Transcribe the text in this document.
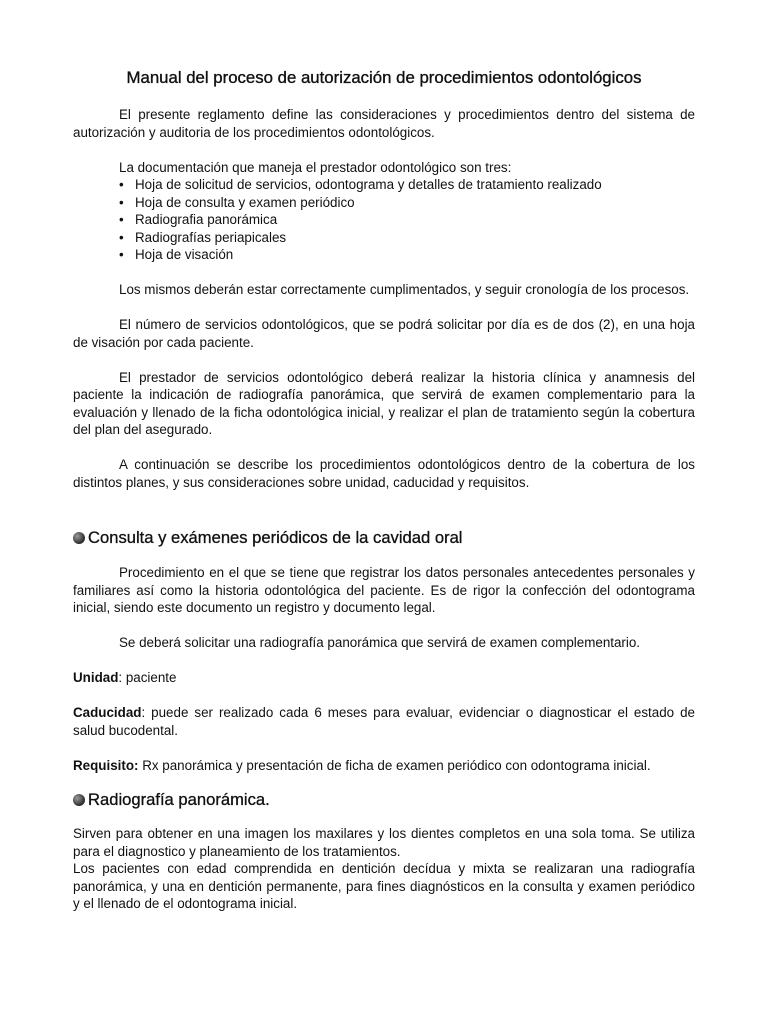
Manual del proceso de autorización de procedimientos odontológicos

El presente reglamento define las consideraciones y procedimientos dentro del sistema de autorización y auditoria de los procedimientos odontológicos.

La documentación que maneja el prestador odontológico son tres:

• Hoja de solicitud de servicios, odontograma y detalles de tratamiento realizado
• Hoja de consulta y examen periódico
• Radiografia panorámica
• Radiografías periapicales
• Hoja de visación

Los mismos deberán estar correctamente cumplimentados, y seguir cronología de los procesos.

El número de servicios odontológicos, que se podrá solicitar por día es de dos (2), en una hoja de visación por cada paciente.

El prestador de servicios odontológico deberá realizar la historia clínica y anamnesis del paciente la indicación de radiografía panorámica, que servirá de examen complementario para la evaluación y llenado de la ficha odontológica inicial, y realizar el plan de tratamiento según la cobertura del plan del asegurado.

A continuación se describe los procedimientos odontológicos dentro de la cobertura de los distintos planes, y sus consideraciones sobre unidad, caducidad y requisitos.

Consulta y exámenes periódicos de la cavidad oral

Procedimiento en el que se tiene que registrar los datos personales antecedentes personales y familiares así como la historia odontológica del paciente. Es de rigor la confección del odontograma inicial, siendo este documento un registro y documento legal.

Se deberá solicitar una radiografía panorámica que servirá de examen complementario.

Unidad: paciente

Caducidad: puede ser realizado cada 6 meses para evaluar, evidenciar o diagnosticar el estado de salud bucodental.

Requisito: Rx panorámica y presentación de ficha de examen periódico con odontograma inicial.

Radiografía panorámica.

Sirven para obtener en una imagen los maxilares y los dientes completos en una sola toma. Se utiliza para el diagnostico y planeamiento de los tratamientos.

Los pacientes con edad comprendida en dentición decídua y mixta se realizaran una radiografía panorámica, y una en dentición permanente, para fines diagnósticos en la consulta y examen periódico y el llenado de el odontograma inicial.
